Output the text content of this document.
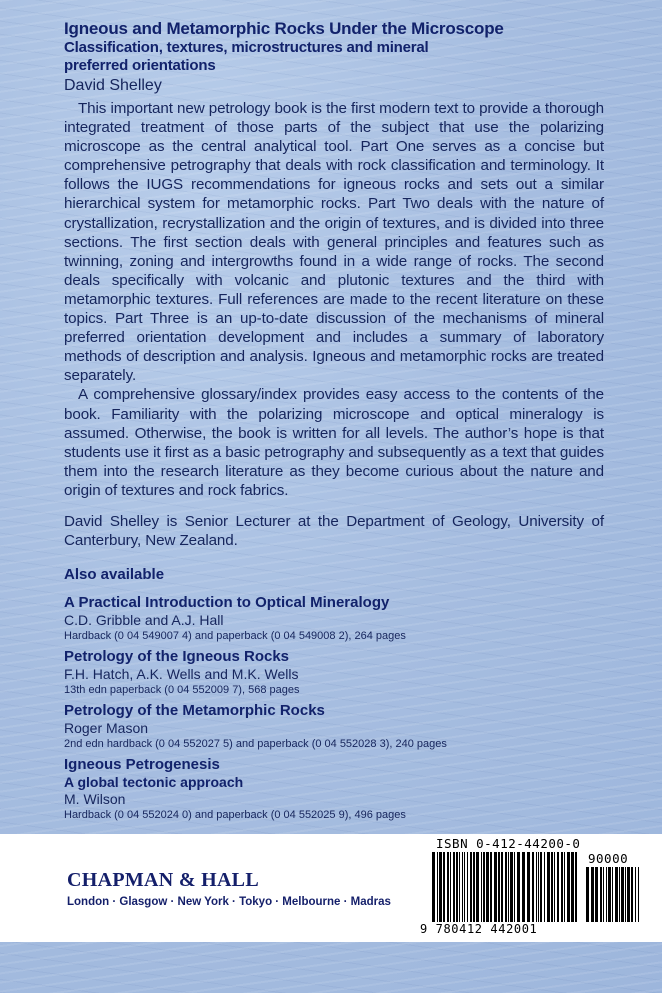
Igneous and Metamorphic Rocks Under the Microscope
Classification, textures, microstructures and mineral
preferred orientations
David Shelley

This important new petrology book is the first modern text to provide a thorough integrated treatment of those parts of the subject that use the polarizing microscope as the central analytical tool. Part One serves as a concise but comprehensive petrography that deals with rock classification and terminology. It follows the IUGS recommendations for igneous rocks and sets out a similar hierarchical system for metamorphic rocks. Part Two deals with the nature of crystallization, recrystallization and the origin of textures, and is divided into three sections. The first section deals with general principles and features such as twinning, zoning and intergrowths found in a wide range of rocks. The second deals specifically with volcanic and plutonic textures and the third with metamorphic textures. Full references are made to the recent literature on these topics. Part Three is an up-to-date discussion of the mechanisms of mineral preferred orientation development and includes a summary of laboratory methods of description and analysis. Igneous and metamorphic rocks are treated separately.

A comprehensive glossary/index provides easy access to the contents of the book. Familiarity with the polarizing microscope and optical mineralogy is assumed. Otherwise, the book is written for all levels. The author’s hope is that students use it first as a basic petrography and subsequently as a text that guides them into the research literature as they become curious about the nature and origin of textures and rock fabrics.

David Shelley is Senior Lecturer at the Department of Geology, University of Canterbury, New Zealand.

Also available
A Practical Introduction to Optical Mineralogy
C.D. Gribble and A.J. Hall
Hardback (0 04 549007 4) and paperback (0 04 549008 2), 264 pages
Petrology of the Igneous Rocks
F.H. Hatch, A.K. Wells and M.K. Wells
13th edn paperback (0 04 552009 7), 568 pages
Petrology of the Metamorphic Rocks
Roger Mason
2nd edn hardback (0 04 552027 5) and paperback (0 04 552028 3), 240 pages
Igneous Petrogenesis
A global tectonic approach
M. Wilson
Hardback (0 04 552024 0) and paperback (0 04 552025 9), 496 pages
CHAPMAN & HALL
London · Glasgow · New York · Tokyo · Melbourne · Madras
ISBN 0-412-44200-0
90000
9 780412 442001
